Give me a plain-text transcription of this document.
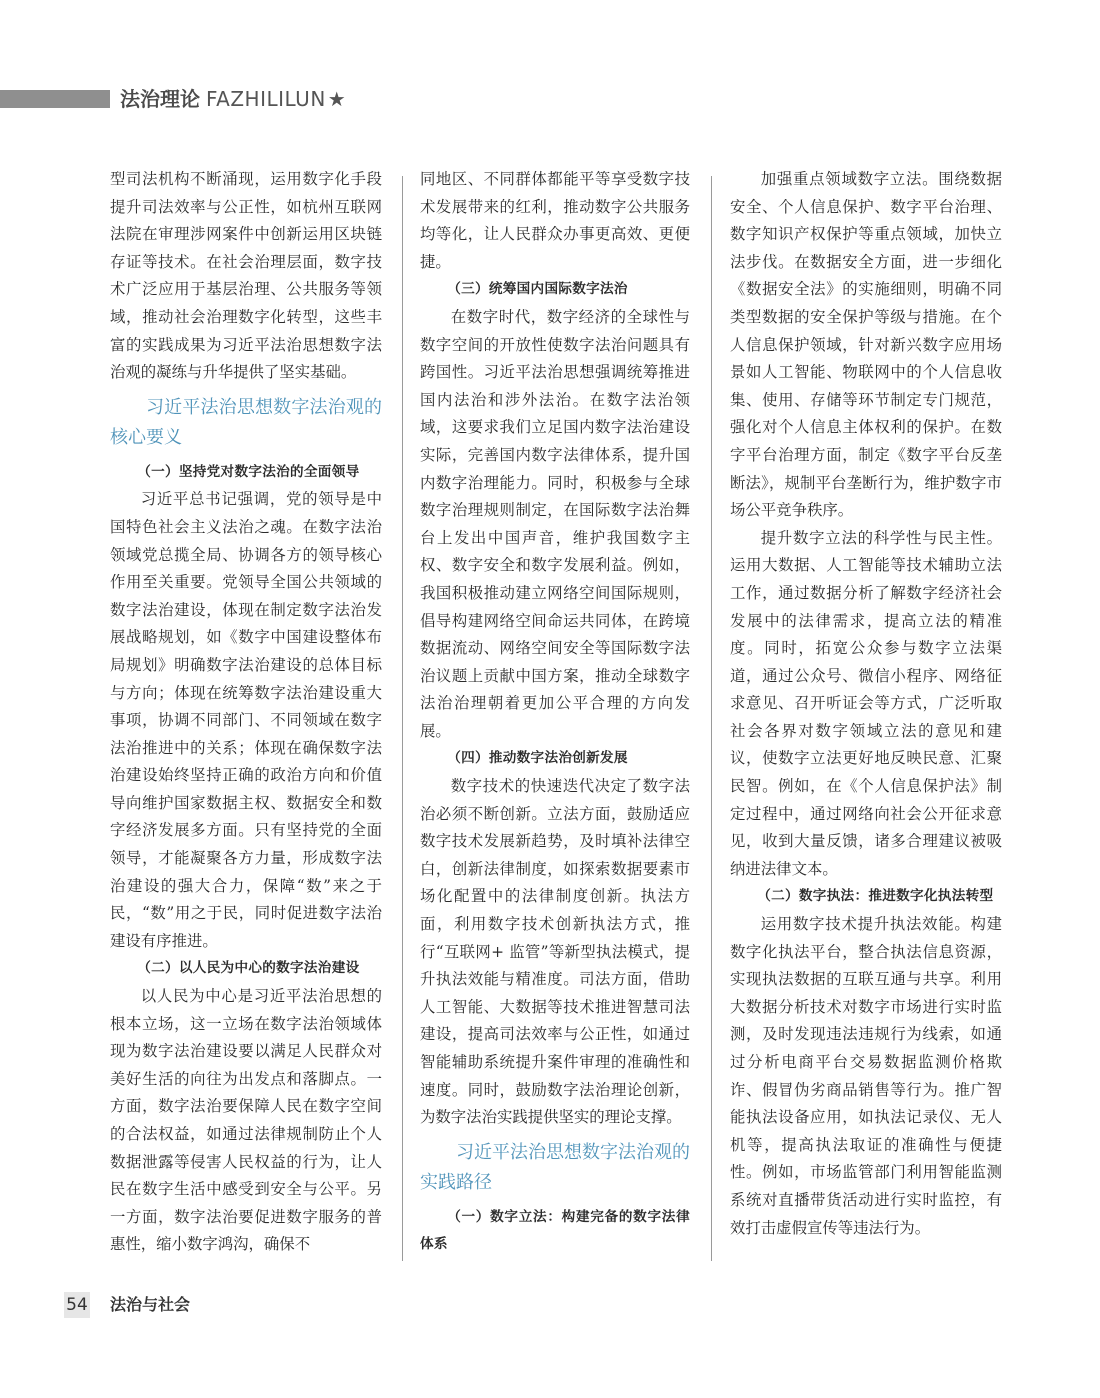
法治理论 FAZHILILUN ★

型司法机构不断涌现，运用数字化手段提升司法效率与公正性，如杭州互联网法院在审理涉网案件中创新运用区块链存证等技术。在社会治理层面，数字技术广泛应用于基层治理、公共服务等领域，推动社会治理数字化转型，这些丰富的实践成果为习近平法治思想数字法治观的凝练与升华提供了坚实基础。

习近平法治思想数字法治观的核心要义
（一）坚持党对数字法治的全面领导

习近平总书记强调，党的领导是中国特色社会主义法治之魂。在数字法治领域党总揽全局、协调各方的领导核心作用至关重要。党领导全国公共领域的数字法治建设，体现在制定数字法治发展战略规划，如《数字中国建设整体布局规划》明确数字法治建设的总体目标与方向；体现在统筹数字法治建设重大事项，协调不同部门、不同领域在数字法治推进中的关系；体现在确保数字法治建设始终坚持正确的政治方向和价值导向维护国家数据主权、数据安全和数字经济发展多方面。只有坚持党的全面领导，才能凝聚各方力量，形成数字法治建设的强大合力，保障“数”来之于民，“数”用之于民，同时促进数字法治建设有序推进。

（二）以人民为中心的数字法治建设

以人民为中心是习近平法治思想的根本立场，这一立场在数字法治领域体现为数字法治建设要以满足人民群众对美好生活的向往为出发点和落脚点。一方面，数字法治要保障人民在数字空间的合法权益，如通过法律规制防止个人数据泄露等侵害人民权益的行为，让人民在数字生活中感受到安全与公平。另一方面，数字法治要促进数字服务的普惠性，缩小数字鸿沟，确保不

同地区、不同群体都能平等享受数字技术发展带来的红利，推动数字公共服务均等化，让人民群众办事更高效、更便捷。

（三）统筹国内国际数字法治

在数字时代，数字经济的全球性与数字空间的开放性使数字法治问题具有跨国性。习近平法治思想强调统筹推进国内法治和涉外法治。在数字法治领域，这要求我们立足国内数字法治建设实际，完善国内数字法律体系，提升国内数字治理能力。同时，积极参与全球数字治理规则制定，在国际数字法治舞台上发出中国声音，维护我国数字主权、数字安全和数字发展利益。例如，我国积极推动建立网络空间国际规则，倡导构建网络空间命运共同体，在跨境数据流动、网络空间安全等国际数字法治议题上贡献中国方案，推动全球数字法治治理朝着更加公平合理的方向发展。

（四）推动数字法治创新发展

数字技术的快速迭代决定了数字法治必须不断创新。立法方面，鼓励适应数字技术发展新趋势，及时填补法律空白，创新法律制度，如探索数据要素市场化配置中的法律制度创新。执法方面，利用数字技术创新执法方式，推行“互联网+ 监管”等新型执法模式，提升执法效能与精准度。司法方面，借助人工智能、大数据等技术推进智慧司法建设，提高司法效率与公正性，如通过智能辅助系统提升案件审理的准确性和速度。同时，鼓励数字法治理论创新，为数字法治实践提供坚实的理论支撑。

习近平法治思想数字法治观的实践路径
（一）数字立法：构建完备的数字法律体系

加强重点领域数字立法。围绕数据安全、个人信息保护、数字平台治理、数字知识产权保护等重点领域，加快立法步伐。在数据安全方面，进一步细化《数据安全法》的实施细则，明确不同类型数据的安全保护等级与措施。在个人信息保护领域，针对新兴数字应用场景如人工智能、物联网中的个人信息收集、使用、存储等环节制定专门规范，强化对个人信息主体权利的保护。在数字平台治理方面，制定《数字平台反垄断法》，规制平台垄断行为，维护数字市场公平竞争秩序。

提升数字立法的科学性与民主性。运用大数据、人工智能等技术辅助立法工作，通过数据分析了解数字经济社会发展中的法律需求，提高立法的精准度。同时，拓宽公众参与数字立法渠道，通过公众号、微信小程序、网络征求意见、召开听证会等方式，广泛听取社会各界对数字领域立法的意见和建议，使数字立法更好地反映民意、汇聚民智。例如，在《个人信息保护法》制定过程中，通过网络向社会公开征求意见，收到大量反馈，诸多合理建议被吸纳进法律文本。

（二）数字执法：推进数字化执法转型

运用数字技术提升执法效能。构建数字化执法平台，整合执法信息资源，实现执法数据的互联互通与共享。利用大数据分析技术对数字市场进行实时监测，及时发现违法违规行为线索，如通过分析电商平台交易数据监测价格欺诈、假冒伪劣商品销售等行为。推广智能执法设备应用，如执法记录仪、无人机等，提高执法取证的准确性与便捷性。例如，市场监管部门利用智能监测系统对直播带货活动进行实时监控，有效打击虚假宣传等违法行为。

54 法治与社会
